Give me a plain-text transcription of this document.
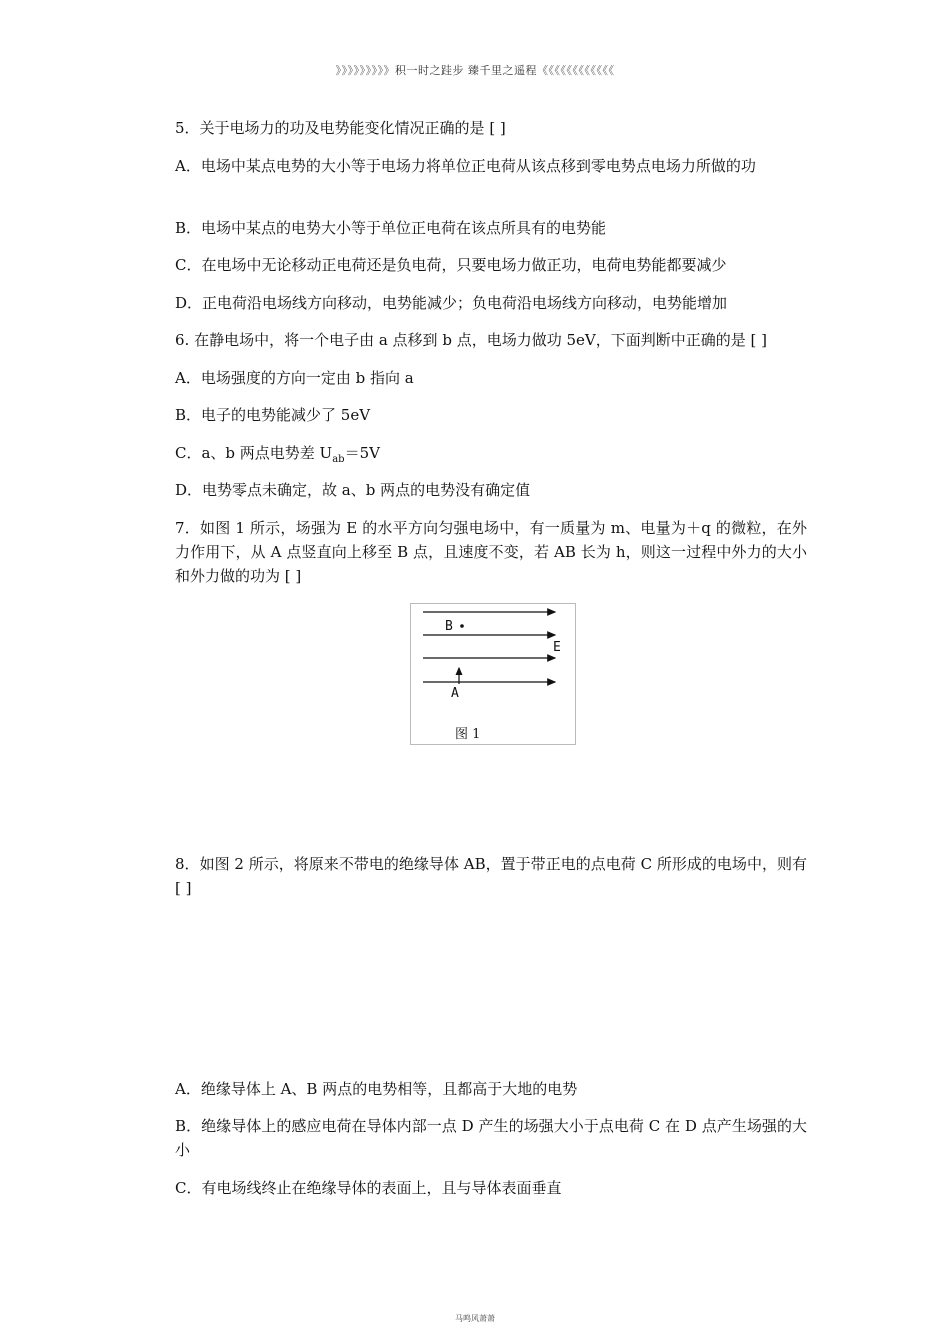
》》》》》》》》》积一时之跬步 臻千里之遥程《《《《《《《《《《《《
5．关于电场力的功及电势能变化情况正确的是 [ ]
A．电场中某点电势的大小等于电场力将单位正电荷从该点移到零电势点电场力所做的功
B．电场中某点的电势大小等于单位正电荷在该点所具有的电势能
C．在电场中无论移动正电荷还是负电荷，只要电场力做正功，电荷电势能都要减少
D．正电荷沿电场线方向移动，电势能减少；负电荷沿电场线方向移动，电势能增加
6. 在静电场中，将一个电子由 a 点移到 b 点，电场力做功 5eV，下面判断中正确的是 [ ]
A．电场强度的方向一定由 b 指向 a
B．电子的电势能减少了 5eV
C．a、b 两点电势差 $U_{ab}=5V$
D．电势零点未确定，故 a、b 两点的电势没有确定值
7．如图 1 所示，场强为 E 的水平方向匀强电场中，有一质量为 m、电量为＋q 的微粒，在外力作用下，从 A 点竖直向上移至 B 点，且速度不变，若 AB 长为 h，则这一过程中外力的大小和外力做的功为 [ ]
8．如图 2 所示，将原来不带电的绝缘导体 AB，置于带正电的点电荷 C 所形成的电场中，则有 [ ]
A．绝缘导体上 A、B 两点的电势相等，且都高于大地的电势
B．绝缘导体上的感应电荷在导体内部一点 D 产生的场强大小于点电荷 C 在 D 点产生场强的大小
C．有电场线终止在绝缘导体的表面上，且与导体表面垂直
B
E
A
图 1
马鸣风萧萧
